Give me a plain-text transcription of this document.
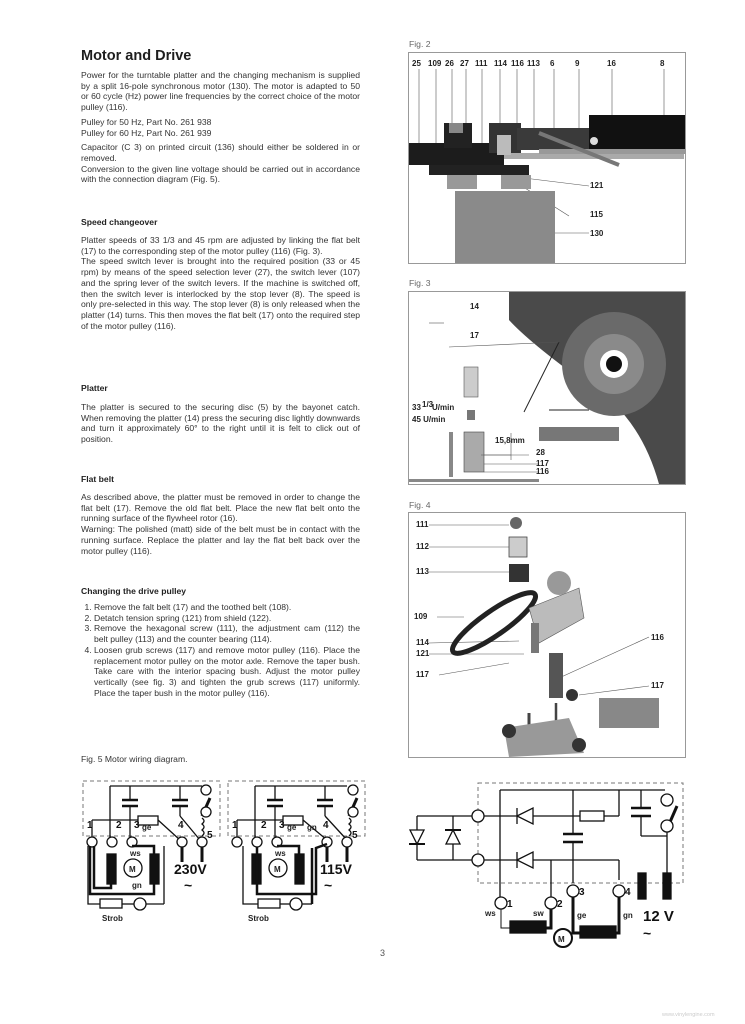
Motor and Drive

Power for the turntable platter and the changing mechanism is supplied by a split 16-pole synchronous motor (130). The motor is adapted to 50 or 60 cycle (Hz) power line frequencies by the correct choice of the motor pulley (116).

Pulley for 50 Hz, Part No. 261 938

Pulley for 60 Hz, Part No. 261 939

Capacitor (C 3) on printed circuit (136) should either be soldered in or removed.

Conversion to the given line voltage should be carried out in accordance with the connection diagram (Fig. 5).

Speed changeover

Platter speeds of 33 1/3 and 45 rpm are adjusted by linking the flat belt (17) to the corresponding step of the motor pulley (116) (Fig. 3).

The speed switch lever is brought into the required position (33 or 45 rpm) by means of the speed selection lever (27), the switch lever (107) and the spring lever of the switch levers. If the machine is switched off, then the switch lever is interlocked by the stop lever (8). The speed is only pre-selected in this way. The stop lever (8) is only released when the platter (14) turns. This then moves the flat belt (17) onto the required step of the motor pulley (116).

Platter

The platter is secured to the securing disc (5) by the bayonet catch. When removing the platter (14) press the securing disc lightly downwards and turn it approximately 60° to the right until it is felt to click out of position.

Flat belt

As described above, the platter must be removed in order to change the flat belt (17). Remove the old flat belt. Place the new flat belt onto the running surface of the flywheel rotor (16).

Warning: The polished (matt) side of the belt must be in contact with the running surface. Replace the platter and lay the flat belt back over the motor pulley (116).

Changing the drive pulley
1. Remove the falt belt (17) and the toothed belt (108).
2. Detatch tension spring (121) from shield (122).
3. Remove the hexagonal screw (111), the adjustment cam (112) the belt pulley (113) and the counter bearing (114).
4. Loosen grub screws (117) and remove motor pulley (116). Place the replacement motor pulley on the motor axle. Remove the taper bush. Take care with the interior spacing bush. Adjust the motor pulley vertically (see fig. 3) and tighten the grub screws (117) uniformly. Place the taper bush in the motor pulley (116).
Fig. 5 Motor wiring diagram.
1 2 3 ge	4
5
ws
M
gn
230V
~
Strob
1 2 3 ge gn 4
5
ws
M	115V
~
Strob
1	2
3	4
ws	sw	ge	gn
M
12 V
~
Fig. 2
25 109 26 27 111 114 116 113 6	9	16	8
121
115
130
Fig. 3
14
17
33 1/3
U/min
45 U/min
15,8mm
28
117
116
Fig. 4
111
112
113
109
114
121
117
116
117
3
www.vinylengine.com
